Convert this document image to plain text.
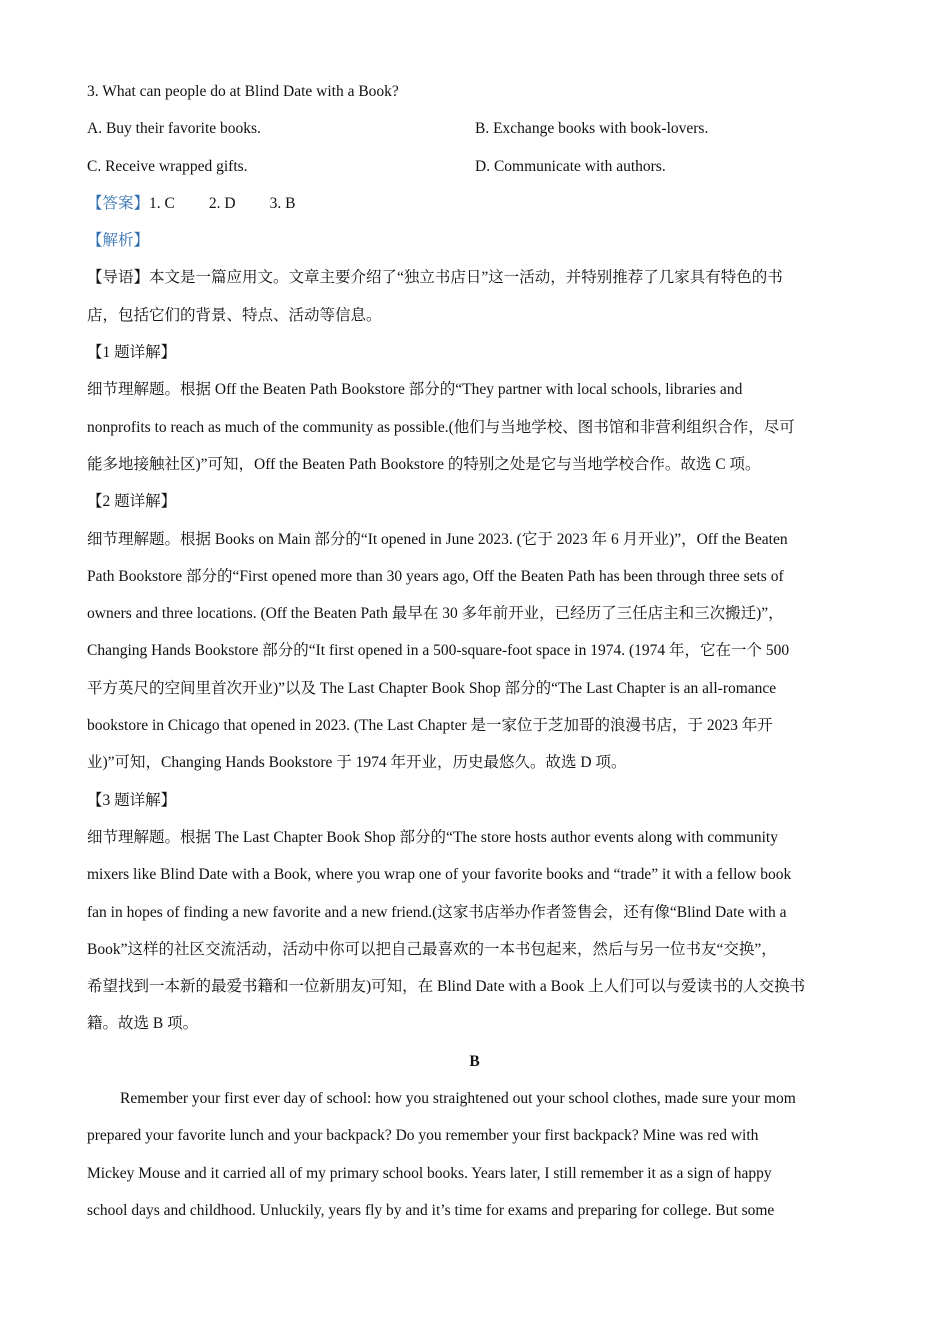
3. What can people do at Blind Date with a Book?
A. Buy their favorite books.	B. Exchange books with book-lovers.
C. Receive wrapped gifts.	D. Communicate with authors.
【答案】1. C 2. D 3. B
【解析】
【导语】本文是一篇应用文。文章主要介绍了“独立书店日”这一活动，并特别推荐了几家具有特色的书
店，包括它们的背景、特点、活动等信息。
【1 题详解】
细节理解题。根据 Off the Beaten Path Bookstore 部分的“They partner with local schools, libraries and
nonprofits to reach as much of the community as possible.(他们与当地学校、图书馆和非营利组织合作，尽可
能多地接触社区)”可知，Off the Beaten Path Bookstore 的特别之处是它与当地学校合作。故选 C 项。
【2 题详解】
细节理解题。根据 Books on Main 部分的“It opened in June 2023. (它于 2023 年 6 月开业)”，Off the Beaten
Path Bookstore 部分的“First opened more than 30 years ago, Off the Beaten Path has been through three sets of
owners and three locations. (Off the Beaten Path 最早在 30 多年前开业，已经历了三任店主和三次搬迁)”，
Changing Hands Bookstore 部分的“It first opened in a 500-square-foot space in 1974. (1974 年，它在一个 500
平方英尺的空间里首次开业)”以及 The Last Chapter Book Shop 部分的“The Last Chapter is an all-romance
bookstore in Chicago that opened in 2023. (The Last Chapter 是一家位于芝加哥的浪漫书店，于 2023 年开
业)”可知，Changing Hands Bookstore 于 1974 年开业，历史最悠久。故选 D 项。
【3 题详解】
细节理解题。根据 The Last Chapter Book Shop 部分的“The store hosts author events along with community
mixers like Blind Date with a Book, where you wrap one of your favorite books and “trade” it with a fellow book
fan in hopes of finding a new favorite and a new friend.(这家书店举办作者签售会，还有像“Blind Date with a
Book”这样的社区交流活动，活动中你可以把自己最喜欢的一本书包起来，然后与另一位书友“交换”，
希望找到一本新的最爱书籍和一位新朋友)可知，在 Blind Date with a Book 上人们可以与爱读书的人交换书
籍。故选 B 项。
B
Remember your first ever day of school: how you straightened out your school clothes, made sure your mom
prepared your favorite lunch and your backpack? Do you remember your first backpack? Mine was red with
Mickey Mouse and it carried all of my primary school books. Years later, I still remember it as a sign of happy
school days and childhood. Unluckily, years fly by and it’s time for exams and preparing for college. But some
